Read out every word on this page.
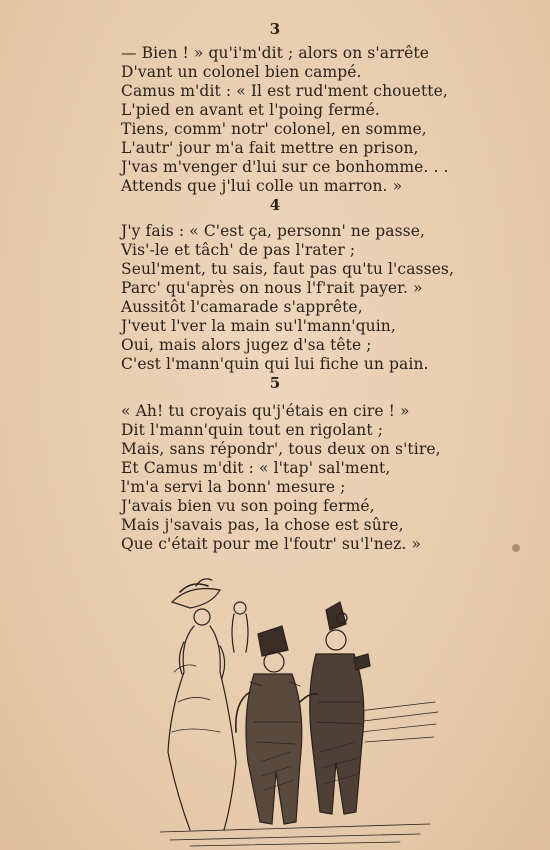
3
— Bien ! » qu'i'm'dit ; alors on s'arrête
D'vant un colonel bien campé.
Camus m'dit : « Il est rud'ment chouette,
L'pied en avant et l'poing fermé.
Tiens, comm' notr' colonel, en somme,
L'autr' jour m'a fait mettre en prison,
J'vas m'venger d'lui sur ce bonhomme. . .
Attends que j'lui colle un marron. »
4
J'y fais : « C'est ça, personn' ne passe,
Vis'-le et tâch' de pas l'rater ;
Seul'ment, tu sais, faut pas qu'tu l'casses,
Parc' qu'après on nous l'f'rait payer. »
Aussitôt l'camarade s'apprête,
J'veut l'ver la main su'l'mann'quin,
Oui, mais alors jugez d'sa tête ;
C'est l'mann'quin qui lui fiche un pain.
5
« Ah! tu croyais qu'j'étais en cire ! »
Dit l'mann'quin tout en rigolant ;
Mais, sans répondr', tous deux on s'tire,
Et Camus m'dit : « l'tap' sal'ment,
l'm'a servi la bonn' mesure ;
J'avais bien vu son poing fermé,
Mais j'savais pas, la chose est sûre,
Que c'était pour me l'foutr' su'l'nez. »
